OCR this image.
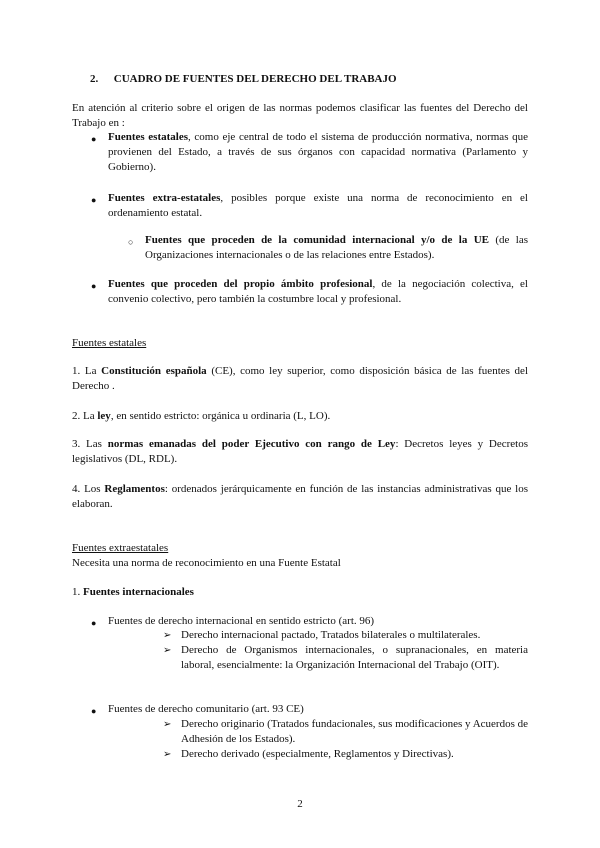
2. CUADRO DE FUENTES DEL DERECHO DEL TRABAJO
En atención al criterio sobre el origen de las normas podemos clasificar las fuentes del Derecho del Trabajo en :
● Fuentes estatales, como eje central de todo el sistema de producción normativa, normas que provienen del Estado, a través de sus órganos con capacidad normativa (Parlamento y Gobierno).
● Fuentes extra-estatales, posibles porque existe una norma de reconocimiento en el ordenamiento estatal.
○ Fuentes que proceden de la comunidad internacional y/o de la UE (de las Organizaciones internacionales o de las relaciones entre Estados).
● Fuentes que proceden del propio ámbito profesional, de la negociación colectiva, el convenio colectivo, pero también la costumbre local y profesional.
Fuentes estatales
1. La Constitución española (CE), como ley superior, como disposición básica de las fuentes del Derecho .
2. La ley, en sentido estricto: orgánica u ordinaria (L, LO).
3. Las normas emanadas del poder Ejecutivo con rango de Ley: Decretos leyes y Decretos legislativos (DL, RDL).
4. Los Reglamentos: ordenados jerárquicamente en función de las instancias administrativas que los elaboran.
Fuentes extraestatales
Necesita una norma de reconocimiento en una Fuente Estatal
1. Fuentes internacionales
● Fuentes de derecho internacional en sentido estricto (art. 96)
➢ Derecho internacional pactado, Tratados bilaterales o multilaterales.
➢ Derecho de Organismos internacionales, o supranacionales, en materia laboral, esencialmente: la Organización Internacional del Trabajo (OIT).
● Fuentes de derecho comunitario (art. 93 CE)
➢ Derecho originario (Tratados fundacionales, sus modificaciones y Acuerdos de Adhesión de los Estados).
➢ Derecho derivado (especialmente, Reglamentos y Directivas).
2
